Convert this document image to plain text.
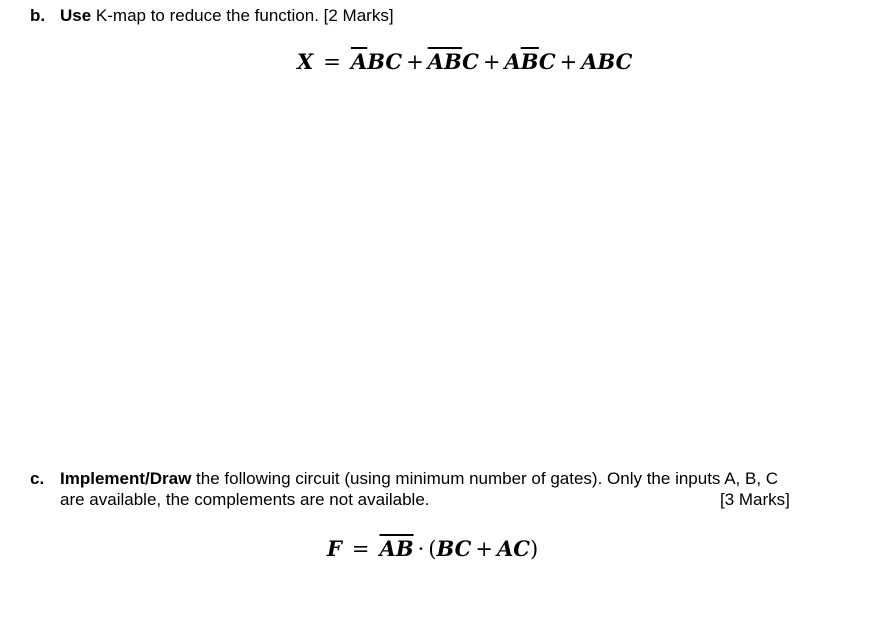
b. Use K-map to reduce the function. [2 Marks]
$X = \overline{A}BC + \overline{A}\overline{B}C + A\overline{B}C$ + ABC
c. Implement/Draw the following circuit (using minimum number of gates). Only the inputs A, B, C
are available, the complements are not available.	[3 Marks]
$F = \overline{AB} \cdot (BC + AC)$
